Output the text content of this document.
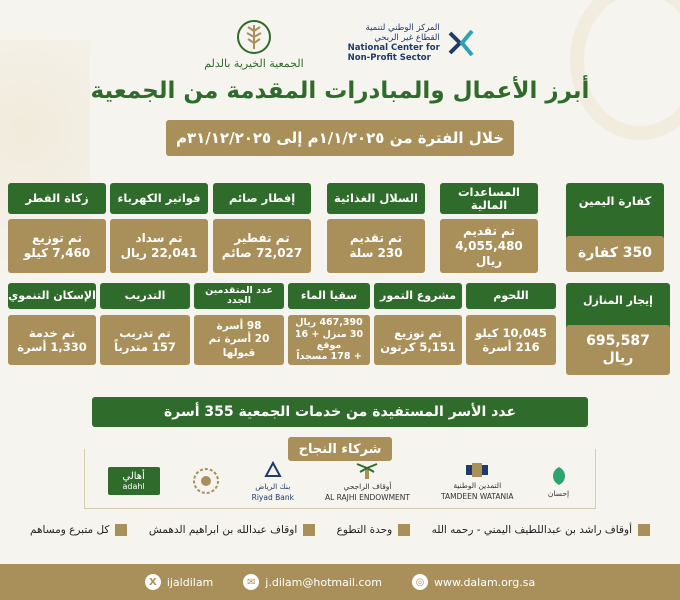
الجمعية الخيرية بالدلم
المركز الوطني لتنمية
القطاع غير الربحي
National Center for
Non-Profit Sector
أبرز الأعمال والمبادرات المقدمة من الجمعية
خلال الفترة من ١/١/٢٠٢٥م إلى ٣١/١٢/٢٠٢٥م
كفارة اليمين
350 كفارة
المساعدات المالية
تم تقديم
4,055,480 ريال
السلال الغذائية
تم تقديم
230 سلة
إفطار صائم
تم تفطير
72,027 صائم
فواتير الكهرباء
تم سداد
22,041 ريال
زكاة الفطر
تم توزيع
7,460 كيلو
إيجار المنازل
695,587 ريال
اللحوم
10,045 كيلو
216 أسرة
مشروع التمور
تم توزيع
5,151 كرتون
سقيا الماء
467,390 ريال
30 منزل + 16 موقع
+ 178 مسجداً
عدد المتقدمين الجدد
98 أسرة
20 أسرة تم قبولها
التدريب
تم تدريب
157 متدرباً
الإسكان التنموي
تم خدمة
1,330 أسرة
عدد الأسر المستفيدة من خدمات الجمعية 355 أسرة
شركاء النجاح
إحسان
التمدين الوطنية
TAMDEEN WATANIA
أوقاف الراجحي
AL RAJHI ENDOWMENT
بنك الرياض
Riyad Bank
أهالي
adahl
أوقاف راشد بن عبداللطيف اليمني - رحمه الله
وحدة التطوع
اوقاف عبدالله بن ابراهيم الدهمش
كل متبرع ومساهم
X ijaldilam	✉ j.dilam@hotmail.com	◎ www.dalam.org.sa
